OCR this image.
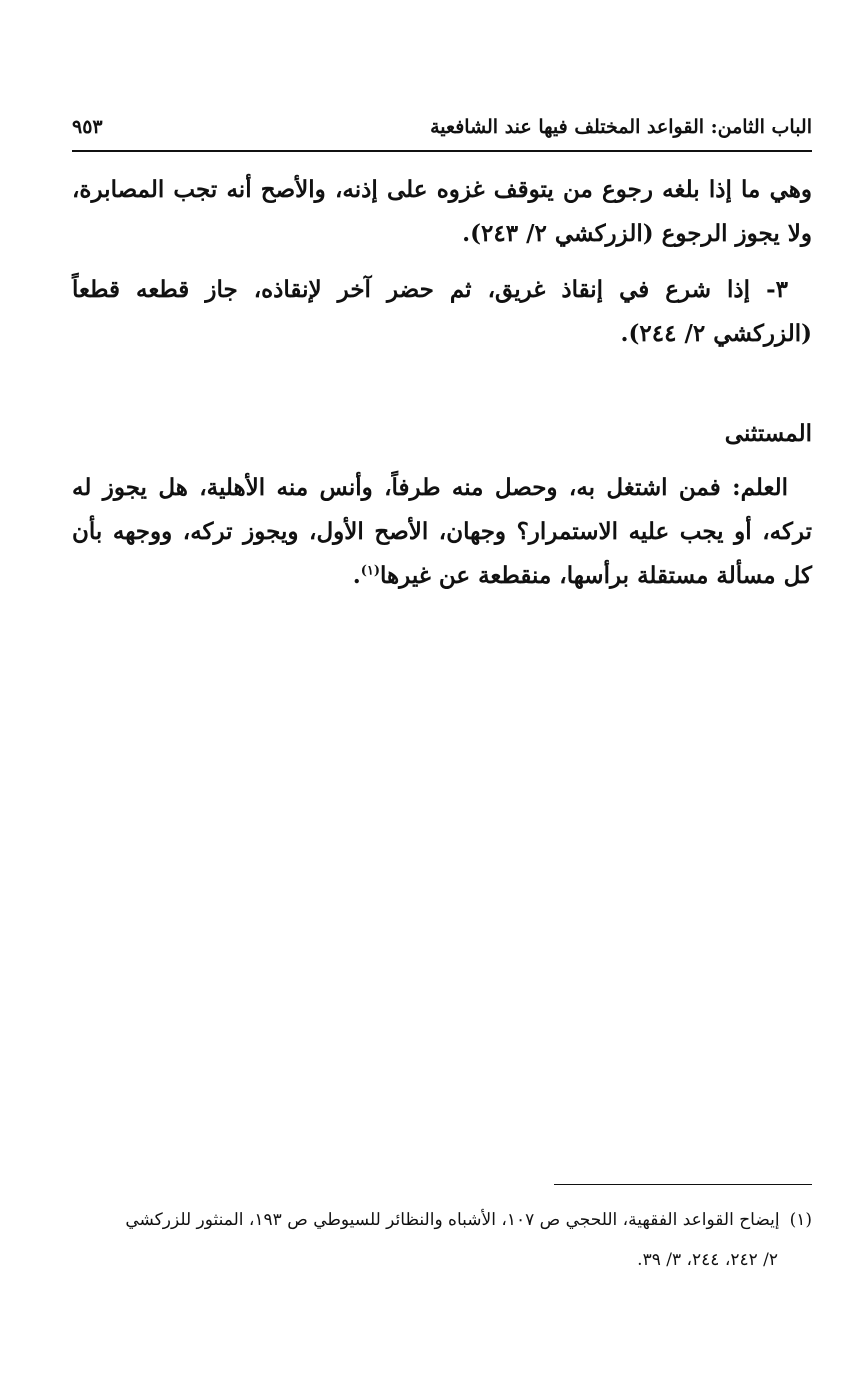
الباب الثامن: القواعد المختلف فيها عند الشافعية
٩٥٣

وهي ما إذا بلغه رجوع من يتوقف غزوه على إذنه، والأصح أنه تجب المصابرة، ولا يجوز الرجوع (الزركشي ٢/ ٢٤٣).

٣- إذا شرع في إنقاذ غريق، ثم حضر آخر لإنقاذه، جاز قطعه قطعاً (الزركشي ٢/ ٢٤٤).

المستثنى

العلم: فمن اشتغل به، وحصل منه طرفاً، وأنس منه الأهلية، هل يجوز له تركه، أو يجب عليه الاستمرار؟ وجهان، الأصح الأول، ويجوز تركه، ووجهه بأن كل مسألة مستقلة برأسها، منقطعة عن غيرها$^{(١)}$.

(١)إيضاح القواعد الفقهية، اللحجي ص ١٠٧، الأشباه والنظائر للسيوطي ص ١٩٣، المنثور للزركشي

٢/ ٢٤٢، ٢٤٤، ٣/ ٣٩.
